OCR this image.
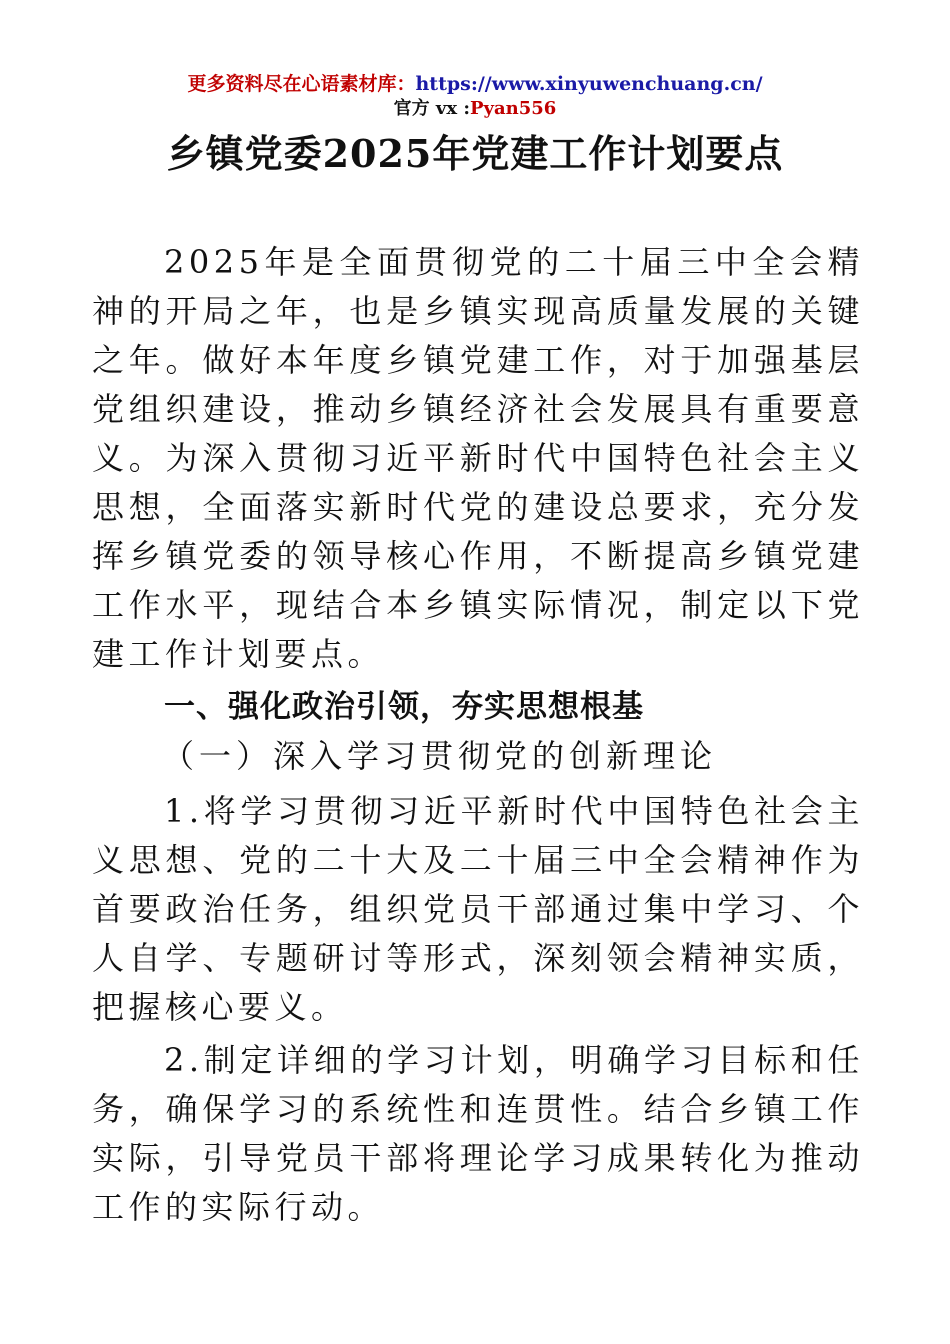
更多资料尽在心语素材库：https://www.xinyuwenchuang.cn/
官方 vx :Pyan556
乡镇党委2025年党建工作计划要点

2025年是全面贯彻党的二十届三中全会精神的开局之年，也是乡镇实现高质量发展的关键之年。做好本年度乡镇党建工作，对于加强基层党组织建设，推动乡镇经济社会发展具有重要意义。为深入贯彻习近平新时代中国特色社会主义思想，全面落实新时代党的建设总要求，充分发挥乡镇党委的领导核心作用，不断提高乡镇党建工作水平，现结合本乡镇实际情况，制定以下党建工作计划要点。

一、强化政治引领，夯实思想根基

（一）深入学习贯彻党的创新理论

1.将学习贯彻习近平新时代中国特色社会主义思想、党的二十大及二十届三中全会精神作为首要政治任务，组织党员干部通过集中学习、个人自学、专题研讨等形式，深刻领会精神实质，把握核心要义。

2.制定详细的学习计划，明确学习目标和任务，确保学习的系统性和连贯性。结合乡镇工作实际，引导党员干部将理论学习成果转化为推动工作的实际行动。
